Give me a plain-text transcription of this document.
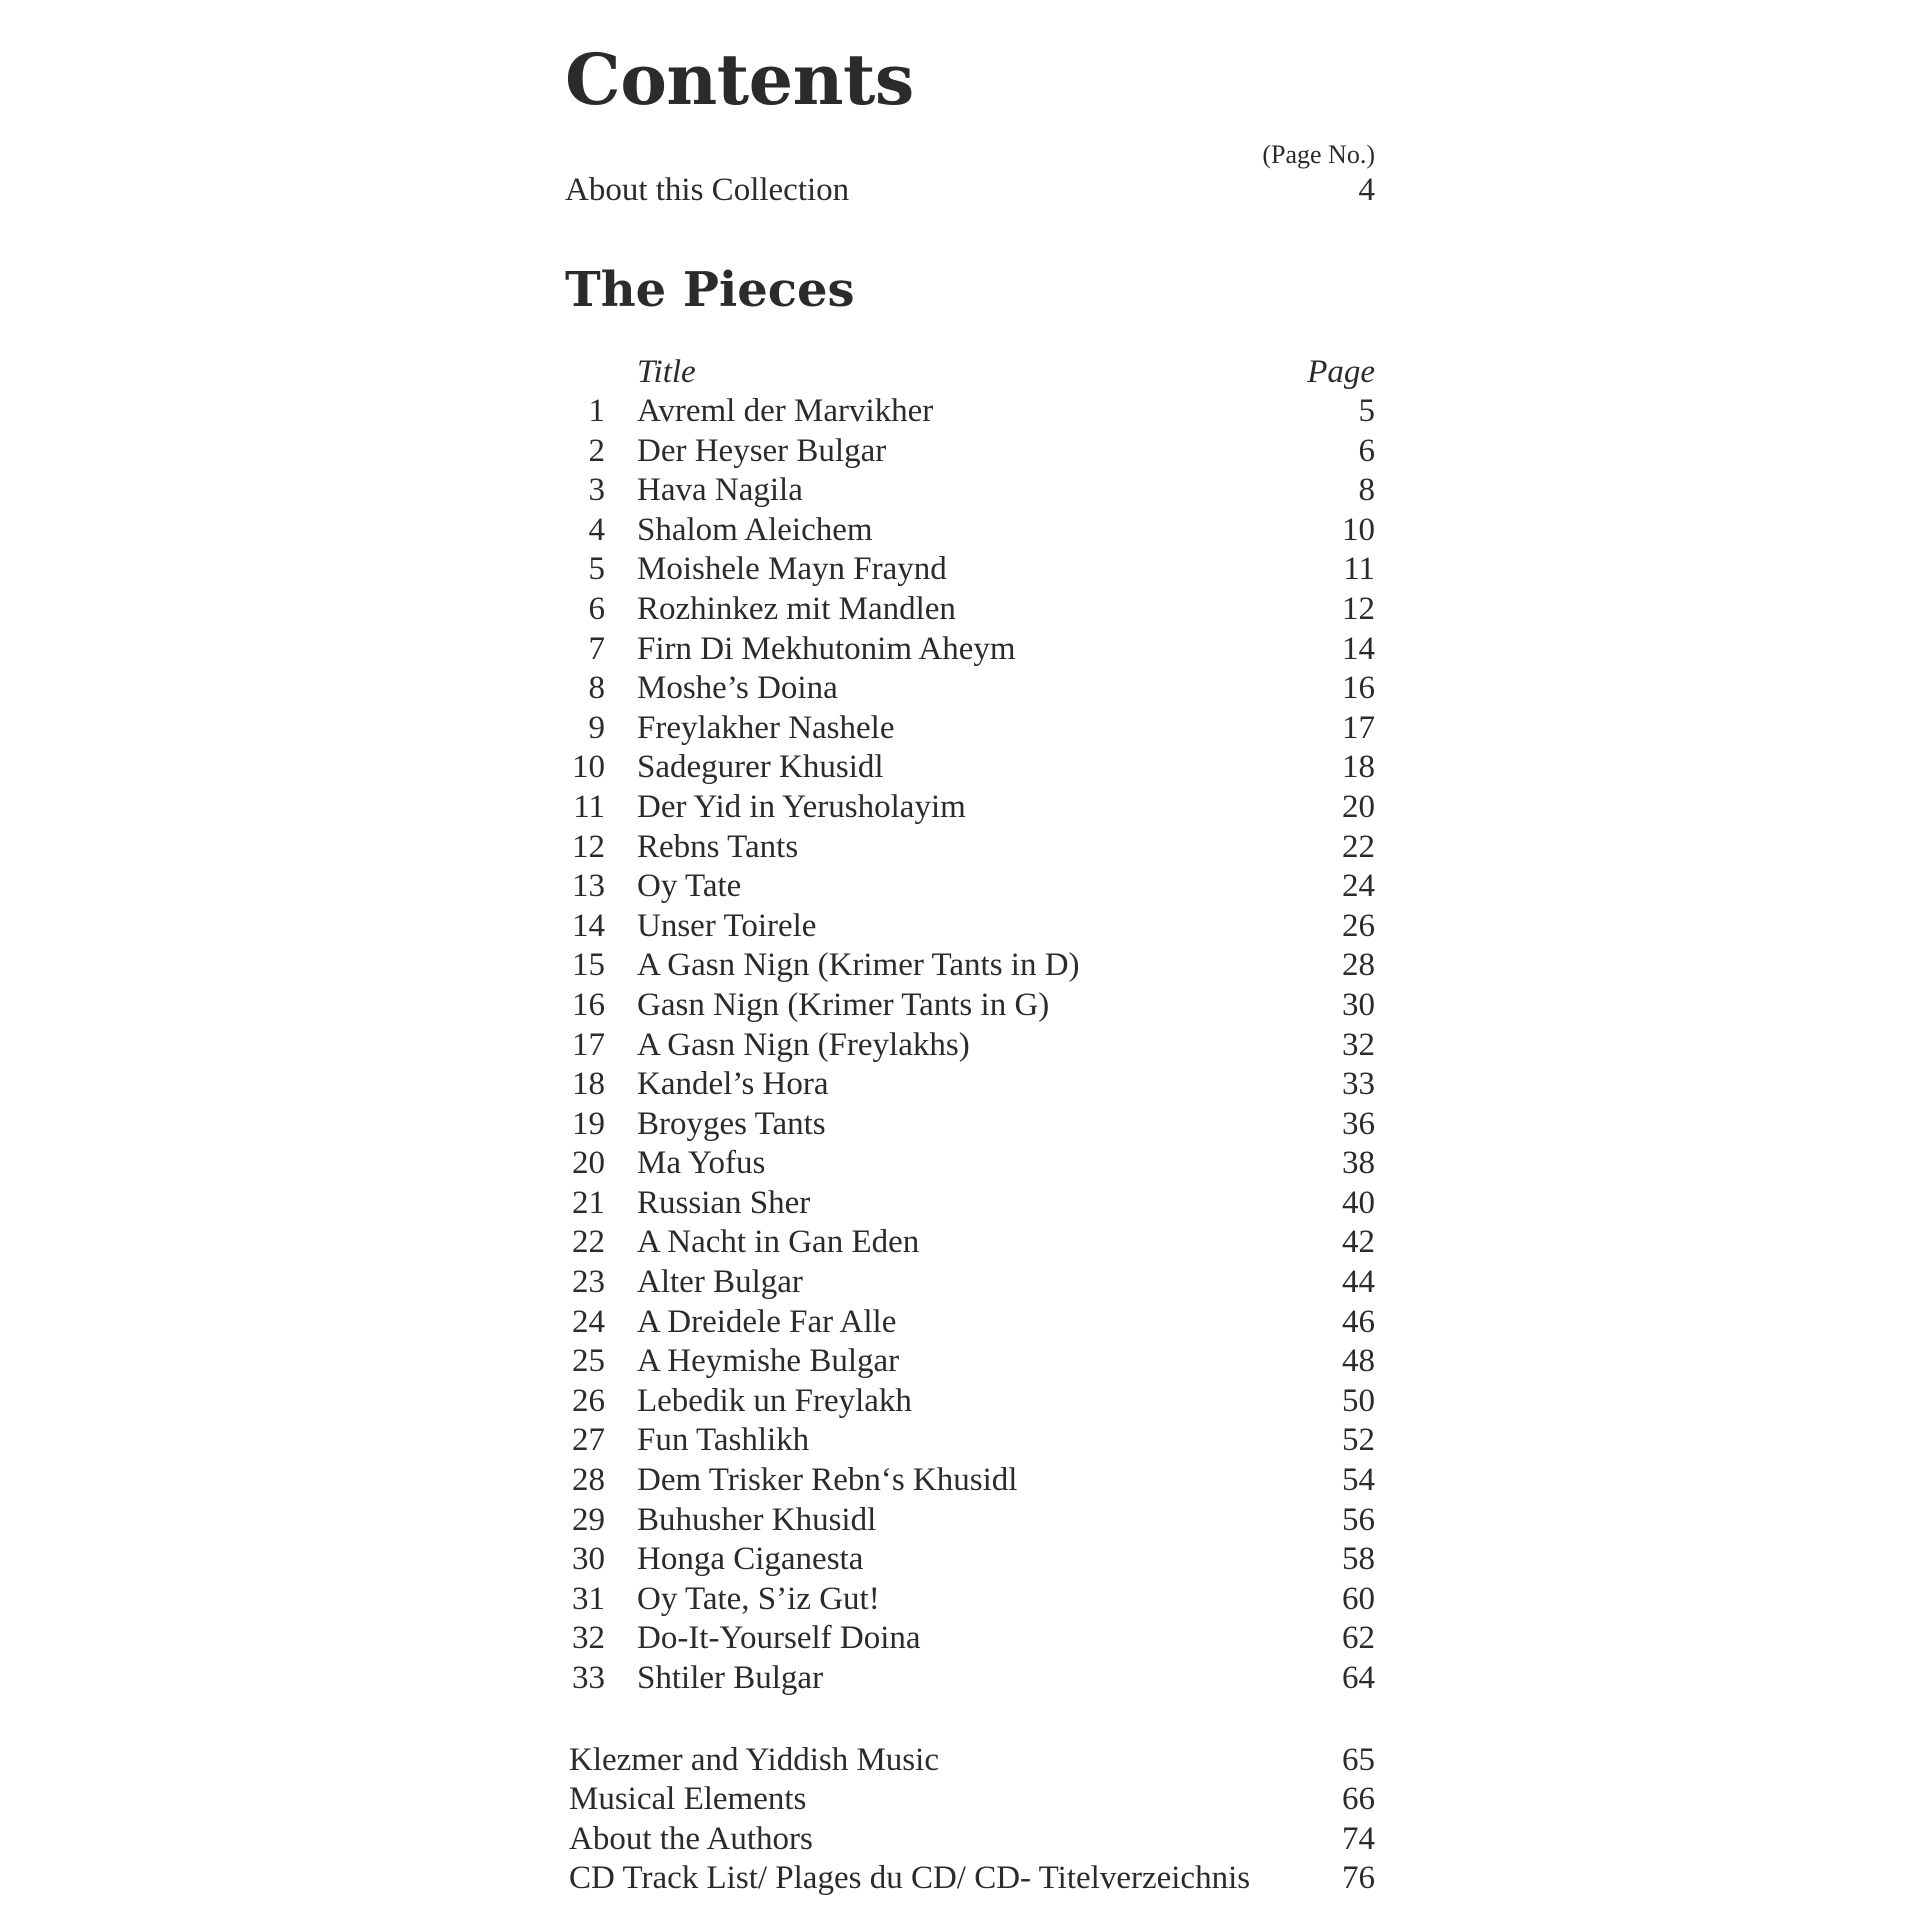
Contents
(Page No.)
About this Collection	4
The Pieces
Title	Page
1 Avreml der Marvikher	5
2 Der Heyser Bulgar	6
3 Hava Nagila	8
4 Shalom Aleichem	10
5 Moishele Mayn Fraynd	11
6 Rozhinkez mit Mandlen	12
7 Firn Di Mekhutonim Aheym	14
8 Moshe’s Doina	16
9 Freylakher Nashele	17
10 Sadegurer Khusidl	18
11 Der Yid in Yerusholayim	20
12 Rebns Tants	22
13 Oy Tate	24
14 Unser Toirele	26
15 A Gasn Nign (Krimer Tants in D)	28
16 Gasn Nign (Krimer Tants in G)	30
17 A Gasn Nign (Freylakhs)	32
18 Kandel’s Hora	33
19 Broyges Tants	36
20 Ma Yofus	38
21 Russian Sher	40
22 A Nacht in Gan Eden	42
23 Alter Bulgar	44
24 A Dreidele Far Alle	46
25 A Heymishe Bulgar	48
26 Lebedik un Freylakh	50
27 Fun Tashlikh	52
28 Dem Trisker Rebn‘s Khusidl	54
29 Buhusher Khusidl	56
30 Honga Ciganesta	58
31 Oy Tate, S’iz Gut!	60
32 Do-It-Yourself Doina	62
33 Shtiler Bulgar	64
Klezmer and Yiddish Music	65
Musical Elements	66
About the Authors	74
CD Track List/ Plages du CD/ CD- Titelverzeichnis	76
